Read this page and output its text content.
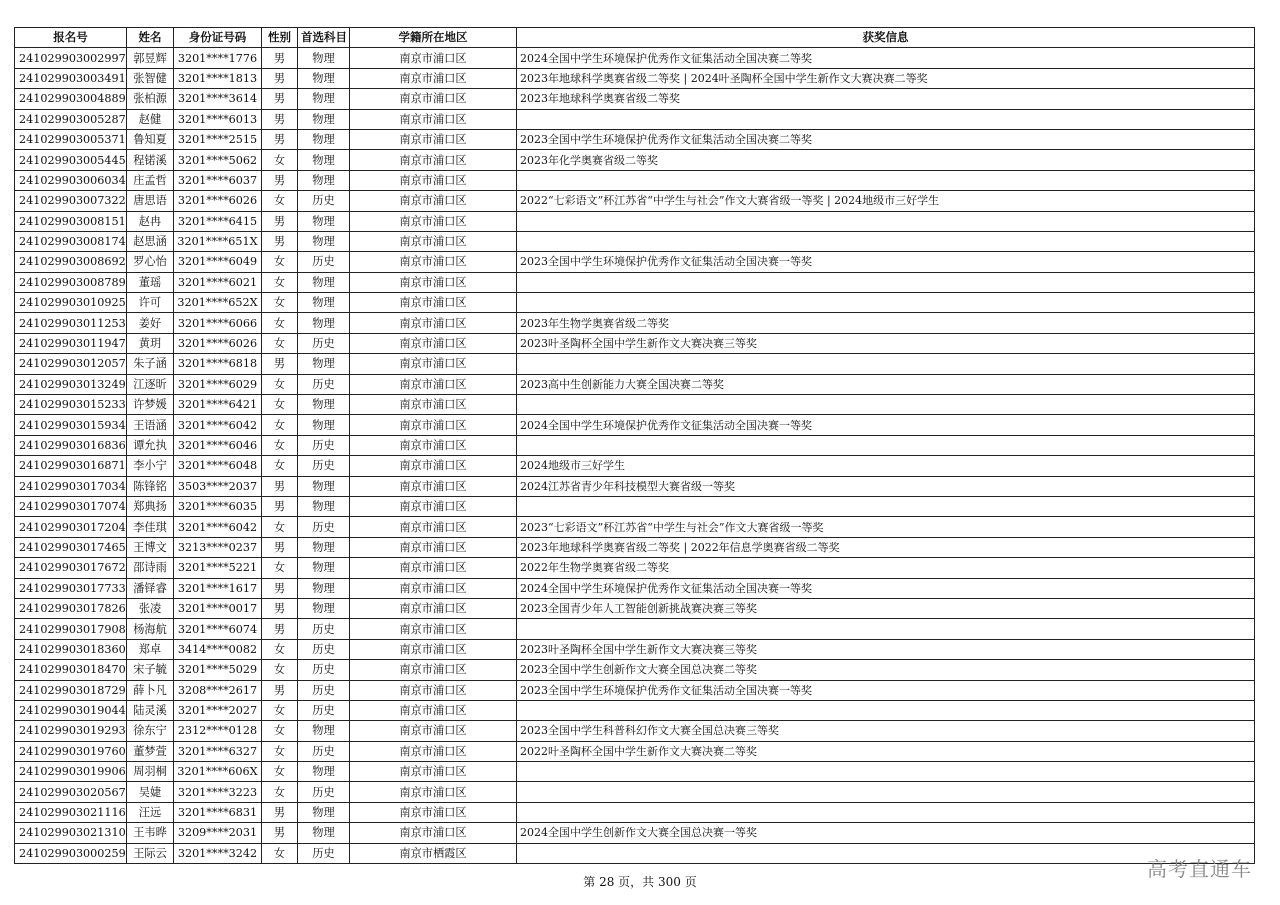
报名号	姓名	身份证号码	性别	首选科目	学籍所在地区	获奖信息
241029903002997	郭昱辉	3201****1776	男	物理	南京市浦口区	2024全国中学生环境保护优秀作文征集活动全国决赛二等奖
241029903003491	张智健	3201****1813	男	物理	南京市浦口区	2023年地球科学奥赛省级二等奖 | 2024叶圣陶杯全国中学生新作文大赛决赛二等奖
241029903004889	张柏源	3201****3614	男	物理	南京市浦口区	2023年地球科学奥赛省级二等奖
241029903005287	赵健	3201****6013	男	物理	南京市浦口区	
241029903005371	鲁知夏	3201****2515	男	物理	南京市浦口区	2023全国中学生环境保护优秀作文征集活动全国决赛二等奖
241029903005445	程锘溪	3201****5062	女	物理	南京市浦口区	2023年化学奥赛省级二等奖
241029903006034	庄孟哲	3201****6037	男	物理	南京市浦口区	
241029903007322	唐思语	3201****6026	女	历史	南京市浦口区	2022“七彩语文”杯江苏省“中学生与社会”作文大赛省级一等奖 | 2024地级市三好学生
241029903008151	赵冉	3201****6415	男	物理	南京市浦口区	
241029903008174	赵思涵	3201****651X	男	物理	南京市浦口区	
241029903008692	罗心怡	3201****6049	女	历史	南京市浦口区	2023全国中学生环境保护优秀作文征集活动全国决赛一等奖
241029903008789	董瑶	3201****6021	女	物理	南京市浦口区	
241029903010925	许可	3201****652X	女	物理	南京市浦口区	
241029903011253	姜好	3201****6066	女	物理	南京市浦口区	2023年生物学奥赛省级二等奖
241029903011947	黄玥	3201****6026	女	历史	南京市浦口区	2023叶圣陶杯全国中学生新作文大赛决赛三等奖
241029903012057	朱子涵	3201****6818	男	物理	南京市浦口区	
241029903013249	江逐昕	3201****6029	女	历史	南京市浦口区	2023高中生创新能力大赛全国决赛二等奖
241029903015233	许梦媛	3201****6421	女	物理	南京市浦口区	
241029903015934	王语涵	3201****6042	女	物理	南京市浦口区	2024全国中学生环境保护优秀作文征集活动全国决赛一等奖
241029903016836	谭允执	3201****6046	女	历史	南京市浦口区	
241029903016871	李小宁	3201****6048	女	历史	南京市浦口区	2024地级市三好学生
241029903017034	陈锋铭	3503****2037	男	物理	南京市浦口区	2024江苏省青少年科技模型大赛省级一等奖
241029903017074	郑典扬	3201****6035	男	物理	南京市浦口区	
241029903017204	李佳琪	3201****6042	女	历史	南京市浦口区	2023“七彩语文”杯江苏省“中学生与社会”作文大赛省级一等奖
241029903017465	王博文	3213****0237	男	物理	南京市浦口区	2023年地球科学奥赛省级二等奖 | 2022年信息学奥赛省级二等奖
241029903017672	邵诗雨	3201****5221	女	物理	南京市浦口区	2022年生物学奥赛省级二等奖
241029903017733	潘铎睿	3201****1617	男	物理	南京市浦口区	2024全国中学生环境保护优秀作文征集活动全国决赛一等奖
241029903017826	张凌	3201****0017	男	物理	南京市浦口区	2023全国青少年人工智能创新挑战赛决赛三等奖
241029903017908	杨海航	3201****6074	男	历史	南京市浦口区	
241029903018360	郑卓	3414****0082	女	历史	南京市浦口区	2023叶圣陶杯全国中学生新作文大赛决赛三等奖
241029903018470	宋子毓	3201****5029	女	历史	南京市浦口区	2023全国中学生创新作文大赛全国总决赛二等奖
241029903018729	薛卜凡	3208****2617	男	历史	南京市浦口区	2023全国中学生环境保护优秀作文征集活动全国决赛一等奖
241029903019044	陆灵溪	3201****2027	女	历史	南京市浦口区	
241029903019293	徐东宁	2312****0128	女	物理	南京市浦口区	2023全国中学生科普科幻作文大赛全国总决赛三等奖
241029903019760	董梦萱	3201****6327	女	历史	南京市浦口区	2022叶圣陶杯全国中学生新作文大赛决赛二等奖
241029903019906	周羽桐	3201****606X	女	物理	南京市浦口区	
241029903020567	吴婕	3201****3223	女	历史	南京市浦口区	
241029903021116	汪远	3201****6831	男	物理	南京市浦口区	
241029903021310	王韦晔	3209****2031	男	物理	南京市浦口区	2024全国中学生创新作文大赛全国总决赛一等奖
241029903000259	王际云	3201****3242	女	历史	南京市栖霞区	
第 28 页，共 300 页
高考直通车
